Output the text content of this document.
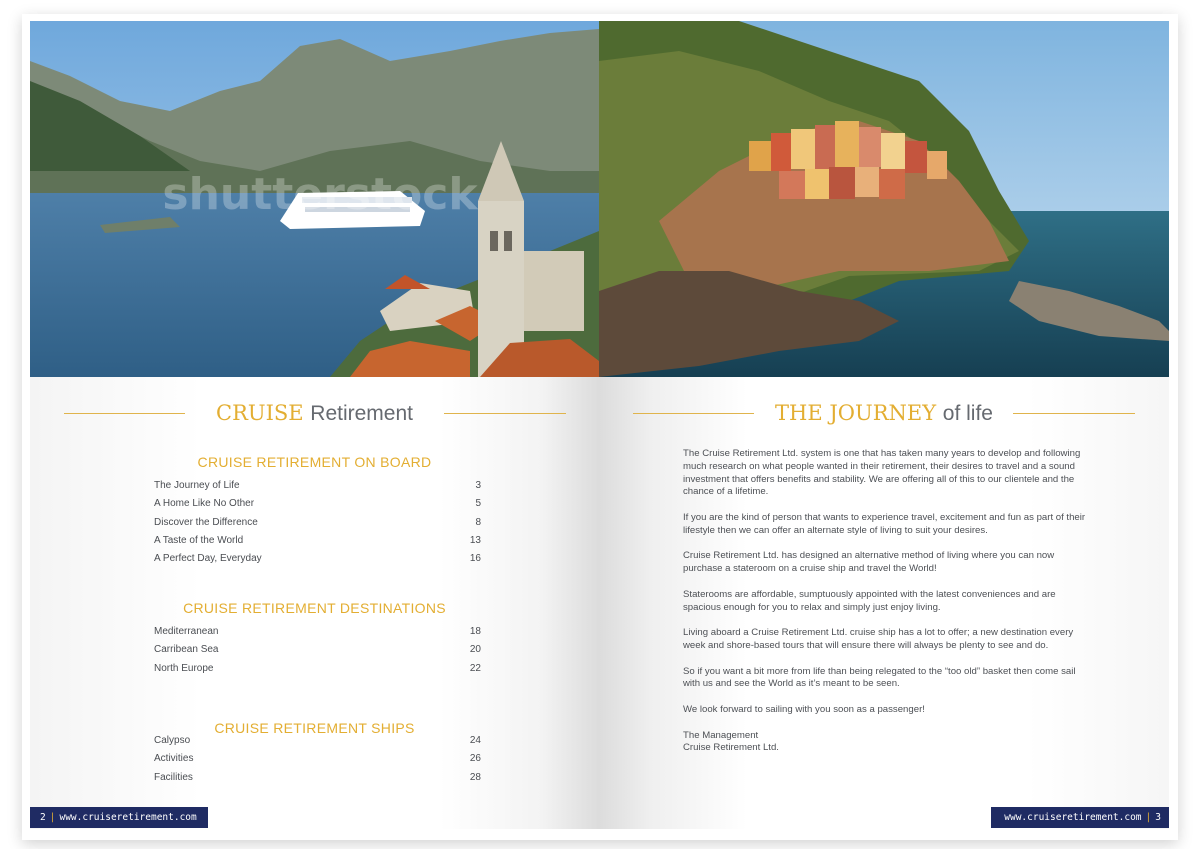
shutterstock
CRUISE Retirement
CRUISE RETIREMENT ON BOARD
The Journey of Life	3
A Home Like No Other	5
Discover the Difference	8
A Taste of the World	13
A Perfect Day, Everyday	16
CRUISE RETIREMENT DESTINATIONS
Mediterranean	18
Carribean Sea	20
North Europe	22
CRUISE RETIREMENT SHIPS
Calypso	24
Activities	26
Facilities	28
2 | www.cruiseretirement.com
THE JOURNEY of life

The Cruise Retirement Ltd. system is one that has taken many years to develop and following much research on what people wanted in their retirement, their desires to travel and a sound investment that offers benefits and stability. We are offering all of this to our clientele and the chance of a lifetime.

If you are the kind of person that wants to experience travel, excitement and fun as part of their lifestyle then we can offer an alternate style of living to suit your desires.

Cruise Retirement Ltd. has designed an alternative method of living where you can now purchase a stateroom on a cruise ship and travel the World!

Staterooms are affordable, sumptuously appointed with the latest conveniences and are spacious enough for you to relax and simply just enjoy living.

Living aboard a Cruise Retirement Ltd. cruise ship has a lot to offer; a new destination every week and shore-based tours that will ensure there will always be plenty to see and do.

So if you want a bit more from life than being relegated to the “too old” basket then come sail with us and see the World as it’s meant to be seen.

We look forward to sailing with you soon as a passenger!

The Management

Cruise Retirement Ltd.

www.cruiseretirement.com | 3
